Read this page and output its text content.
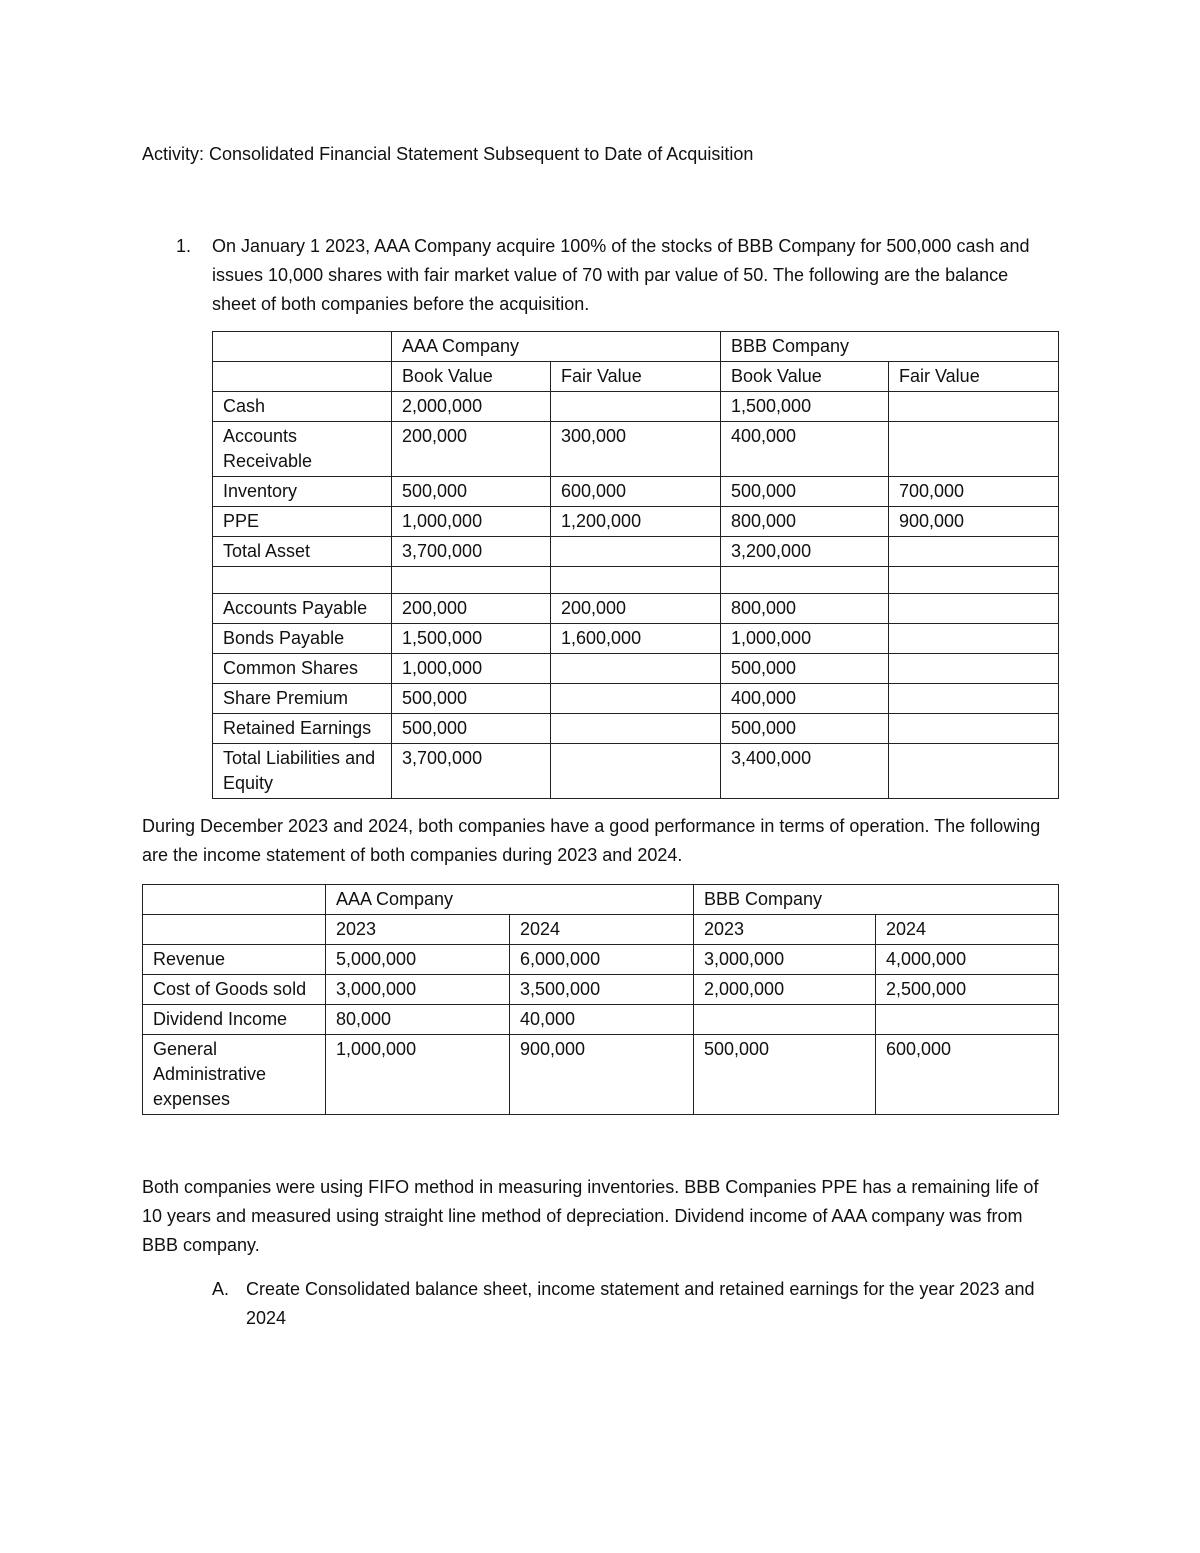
Activity: Consolidated Financial Statement Subsequent to Date of Acquisition
1. On January 1 2023, AAA Company acquire 100% of the stocks of BBB Company for 500,000 cash and issues 10,000 shares with fair market value of 70 with par value of 50. The following are the balance sheet of both companies before the acquisition.
	AAA Company		BBB Company	
	Book Value	Fair Value	Book Value	Fair Value
Cash	2,000,000		1,500,000	
Accounts Receivable	200,000	300,000	400,000	
Inventory	500,000	600,000	500,000	700,000
PPE	1,000,000	1,200,000	800,000	900,000
Total Asset	3,700,000		3,200,000	

Accounts Payable	200,000	200,000	800,000	
Bonds Payable	1,500,000	1,600,000	1,000,000	
Common Shares	1,000,000		500,000	
Share Premium	500,000		400,000	
Retained Earnings	500,000		500,000	
Total Liabilities and Equity	3,700,000		3,400,000	
During December 2023 and 2024, both companies have a good performance in terms of operation. The following are the income statement of both companies during 2023 and 2024.
	AAA Company		BBB Company	
	2023	2024	2023	2024
Revenue	5,000,000	6,000,000	3,000,000	4,000,000
Cost of Goods sold	3,000,000	3,500,000	2,000,000	2,500,000
Dividend Income	80,000	40,000		
General Administrative expenses	1,000,000	900,000	500,000	600,000
Both companies were using FIFO method in measuring inventories. BBB Companies PPE has a remaining life of 10 years and measured using straight line method of depreciation. Dividend income of AAA company was from BBB company.
A. Create Consolidated balance sheet, income statement and retained earnings for the year 2023 and 2024
